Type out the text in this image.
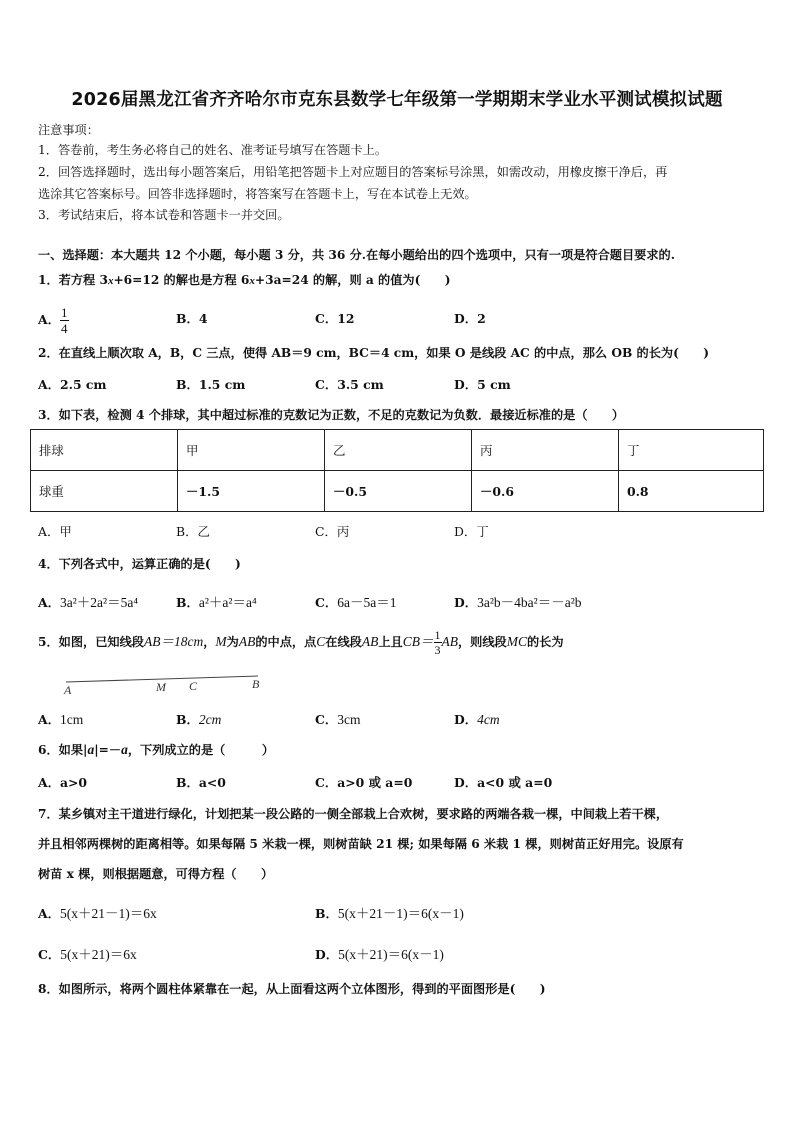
2026届黑龙江省齐齐哈尔市克东县数学七年级第一学期期末学业水平测试模拟试题
注意事项：
1．答卷前，考生务必将自己的姓名、准考证号填写在答题卡上。
2．回答选择题时，选出每小题答案后，用铅笔把答题卡上对应题目的答案标号涂黑，如需改动，用橡皮擦干净后，再
选涂其它答案标号。回答非选择题时，将答案写在答题卡上，写在本试卷上无效。
3．考试结束后，将本试卷和答题卡一并交回。
一、选择题：本大题共 12 个小题，每小题 3 分，共 36 分.在每小题给出的四个选项中，只有一项是符合题目要求的.
1．若方程 3x+6=12 的解也是方程 6x+3a=24 的解，则 a 的值为(　　)
A． $\frac{1}{4}$	B．4	C．12	D．2
2．在直线上顺次取 A，B，C 三点，使得 AB＝9 cm，BC＝4 cm，如果 O 是线段 AC 的中点，那么 OB 的长为(　　)
A．2.5 cm	B．1.5 cm	C．3.5 cm	D．5 cm
3．如下表，检测 4 个排球，其中超过标准的克数记为正数，不足的克数记为负数．最接近标准的是（　　）
排球	甲	乙	丙	丁
球重	－1.5	－0.5	－0.6	0.8
A．甲	B．乙	C．丙	D．丁
4．下列各式中，运算正确的是(　　)
A．3a²＋2a²＝5a⁴	B．a²＋a²＝a⁴	C．6a－5a＝1	D．3a²b－4ba²＝－a²b
5．如图，已知线段AB＝18cm，M为AB的中点，点C在线段AB上且$CB= \frac{1}{3}$ AB，则线段MC的长为
A	M C	B
A．1cm	B．2cm	C．3cm	D．4cm
6．如果|a|=－a，下列成立的是（　　　）
A．a>0	B．a<0	C．a>0 或 a=0	D．a<0 或 a=0
7．某乡镇对主干道进行绿化，计划把某一段公路的一侧全部栽上合欢树，要求路的两端各栽一棵，中间栽上若干棵，
并且相邻两棵树的距离相等。如果每隔 5 米栽一棵，则树苗缺 21 棵; 如果每隔 6 米栽 1 棵，则树苗正好用完。设原有
树苗 x 棵，则根据题意，可得方程（　　）
A．5(x＋21－1)＝6x	B．5(x＋21－1)＝6(x－1)
C．5(x＋21)＝6x	D．5(x＋21)＝6(x－1)
8．如图所示，将两个圆柱体紧靠在一起，从上面看这两个立体图形，得到的平面图形是(　　)
